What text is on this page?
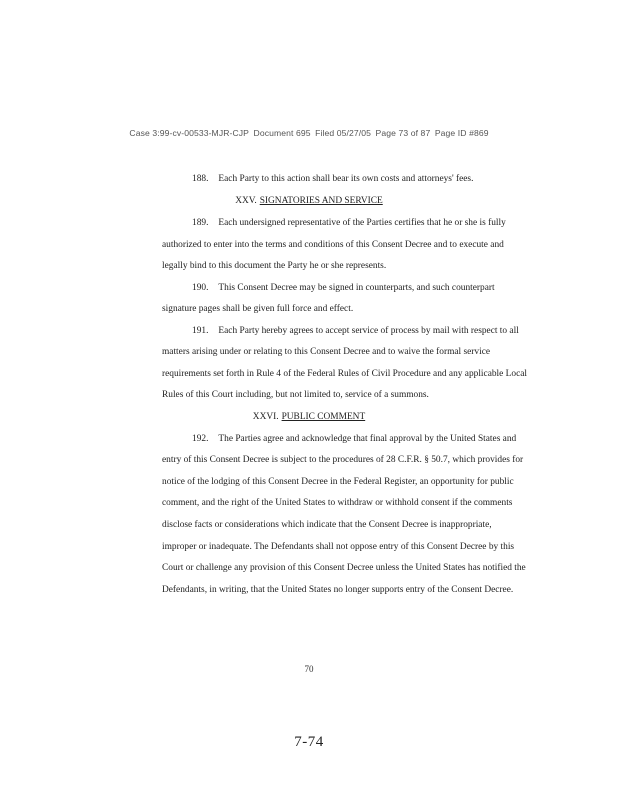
Case 3:99-cv-00533-MJR-CJP Document 695 Filed 05/27/05 Page 73 of 87 Page ID #869
188. Each Party to this action shall bear its own costs and attorneys' fees.
XXV. SIGNATORIES AND SERVICE
189. Each undersigned representative of the Parties certifies that he or she is fully
authorized to enter into the terms and conditions of this Consent Decree and to execute and
legally bind to this document the Party he or she represents.
190. This Consent Decree may be signed in counterparts, and such counterpart
signature pages shall be given full force and effect.
191. Each Party hereby agrees to accept service of process by mail with respect to all
matters arising under or relating to this Consent Decree and to waive the formal service
requirements set forth in Rule 4 of the Federal Rules of Civil Procedure and any applicable Local
Rules of this Court including, but not limited to, service of a summons.
XXVI. PUBLIC COMMENT
192. The Parties agree and acknowledge that final approval by the United States and
entry of this Consent Decree is subject to the procedures of 28 C.F.R. § 50.7, which provides for
notice of the lodging of this Consent Decree in the Federal Register, an opportunity for public
comment, and the right of the United States to withdraw or withhold consent if the comments
disclose facts or considerations which indicate that the Consent Decree is inappropriate,
improper or inadequate. The Defendants shall not oppose entry of this Consent Decree by this
Court or challenge any provision of this Consent Decree unless the United States has notified the
Defendants, in writing, that the United States no longer supports entry of the Consent Decree.
70
7-74
